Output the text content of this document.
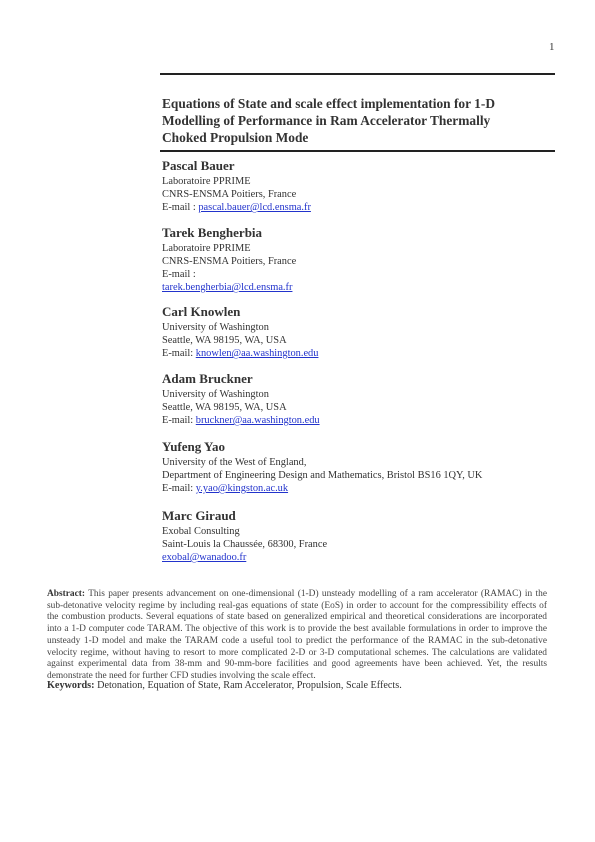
1
Equations of State and scale effect implementation for 1-D
Modelling of Performance in Ram Accelerator Thermally
Choked Propulsion Mode
Pascal Bauer
Laboratoire PPRIME
CNRS-ENSMA Poitiers, France
E-mail : pascal.bauer@lcd.ensma.fr
Tarek Bengherbia
Laboratoire PPRIME
CNRS-ENSMA Poitiers, France
E-mail :
tarek.bengherbia@lcd.ensma.fr
Carl Knowlen
University of Washington
Seattle, WA 98195, WA, USA
E-mail: knowlen@aa.washington.edu
Adam Bruckner
University of Washington
Seattle, WA 98195, WA, USA
E-mail: bruckner@aa.washington.edu
Yufeng Yao
University of the West of England,
Department of Engineering Design and Mathematics, Bristol BS16 1QY, UK
E-mail: y.yao@kingston.ac.uk
Marc Giraud
Exobal Consulting
Saint-Louis la Chaussée, 68300, France
exobal@wanadoo.fr
Abstract: This paper presents advancement on one-dimensional (1-D) unsteady modelling of a ram accelerator (RAMAC) in the sub-detonative velocity regime by including real-gas equations of state (EoS) in order to account for the compressibility effects of the combustion products. Several equations of state based on generalized empirical and theoretical considerations are incorporated into a 1-D computer code TARAM. The objective of this work is to provide the best available formulations in order to improve the unsteady 1-D model and make the TARAM code a useful tool to predict the performance of the RAMAC in the sub-detonative velocity regime, without having to resort to more complicated 2-D or 3-D computational schemes. The calculations are validated against experimental data from 38-mm and 90-mm-bore facilities and good agreements have been achieved. Yet, the results demonstrate the need for further CFD studies involving the scale effect.
Keywords: Detonation, Equation of State, Ram Accelerator, Propulsion, Scale Effects.
